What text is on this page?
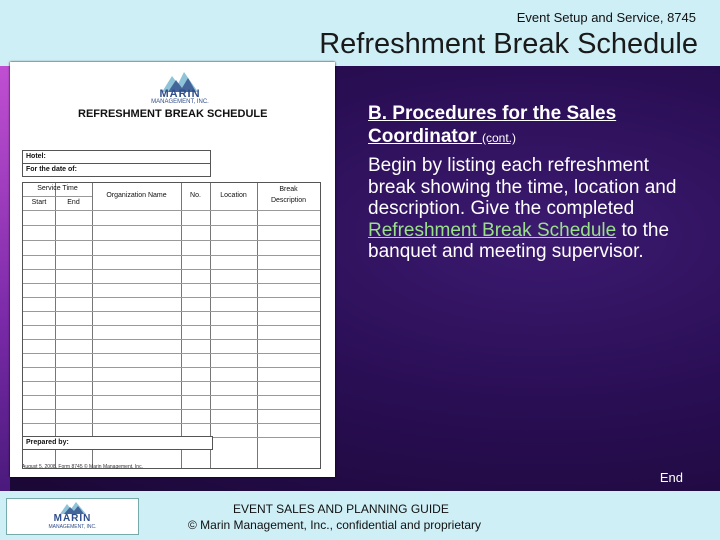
Event Setup and Service, 8745
Refreshment Break Schedule
MARIN
MANAGEMENT, INC.
REFRESHMENT BREAK SCHEDULE
Hotel:
For the date of:
Service Time
Start	End
Organization Name	No.	Location
Break
Description
Prepared by:
August 5, 2008, Form 8745 © Marin Management, Inc.
B. Procedures for the Sales Coordinator (cont.)
Begin by listing each refreshment break showing the time, location and description. Give the completed Refreshment Break Schedule to the banquet and meeting supervisor.
End
MARIN
MANAGEMENT, INC.
EVENT SALES AND PLANNING GUIDE
© Marin Management, Inc., confidential and proprietary
